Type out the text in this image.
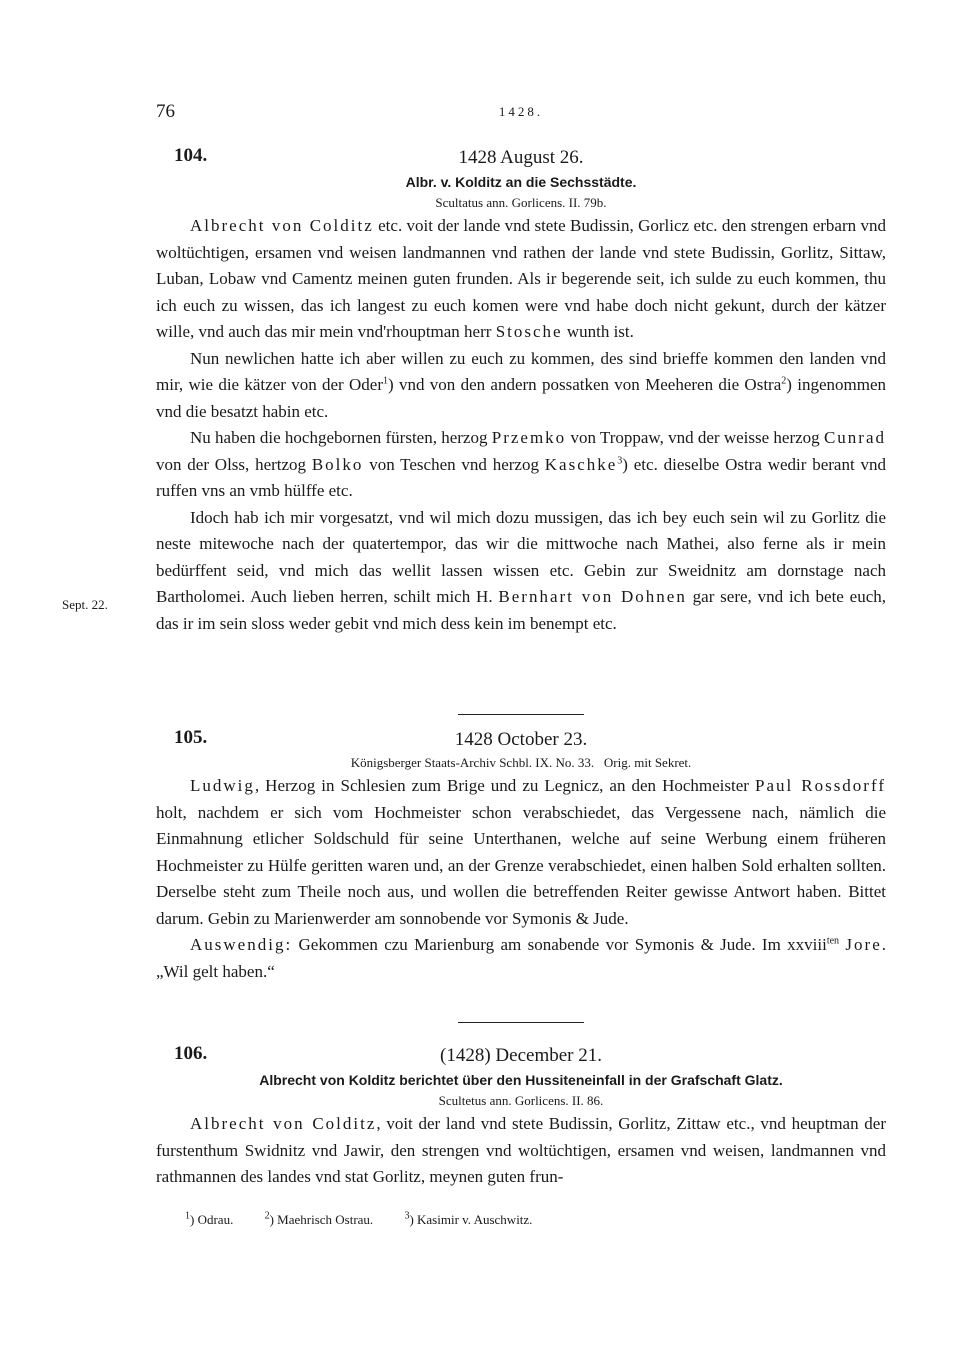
76	1428.
Sept. 22.
104.	1428 August 26.
Albr. v. Kolditz an die Sechsstädte.
Scultatus ann. Gorlicens. II. 79b.

Albrecht von Colditz etc. voit der lande vnd stete Budissin, Gorlicz etc. den strengen erbarn vnd woltüchtigen, ersamen vnd weisen landmannen vnd rathen der lande vnd stete Budissin, Gorlitz, Sittaw, Luban, Lobaw vnd Camentz meinen guten frunden. Als ir begerende seit, ich sulde zu euch kommen, thu ich euch zu wissen, das ich langest zu euch komen were vnd habe doch nicht gekunt, durch der kätzer wille, vnd auch das mir mein vnd'rhouptman herr Stosche wunth ist.

Nun newlichen hatte ich aber willen zu euch zu kommen, des sind brieffe kommen den landen vnd mir, wie die kätzer von der Oder$^1$) vnd von den andern possatken von Meeheren die Ostra$^2$) ingenommen vnd die besatzt habin etc.

Nu haben die hochgebornen fürsten, herzog Przemko von Troppaw, vnd der weisse herzog Cunrad von der Olss, hertzog Bolko von Teschen vnd herzog Kaschke$^3$) etc. dieselbe Ostra wedir berant vnd ruffen vns an vmb hülffe etc.

Idoch hab ich mir vorgesatzt, vnd wil mich dozu mussigen, das ich bey euch sein wil zu Gorlitz die neste mitewoche nach der quatertempor, das wir die mittwoche nach Mathei, also ferne als ir mein bedürffent seid, vnd mich das wellit lassen wissen etc. Gebin zur Sweidnitz am dornstage nach Bartholomei. Auch lieben herren, schilt mich H. Bernhart von Dohnen gar sere, vnd ich bete euch, das ir im sein sloss weder gebit vnd mich dess kein im benempt etc.

105.	1428 October 23.
Königsberger Staats-Archiv Schbl. IX. No. 33.   Orig. mit Sekret.

Ludwig, Herzog in Schlesien zum Brige und zu Legnicz, an den Hochmeister Paul Rossdorff holt, nachdem er sich vom Hochmeister schon verabschiedet, das Vergessene nach, nämlich die Einmahnung etlicher Soldschuld für seine Unterthanen, welche auf seine Werbung einem früheren Hochmeister zu Hülfe geritten waren und, an der Grenze verabschiedet, einen halben Sold erhalten sollten. Derselbe steht zum Theile noch aus, und wollen die betreffenden Reiter gewisse Antwort haben. Bittet darum. Gebin zu Marienwerder am sonnobende vor Symonis & Jude.

Auswendig: Gekommen czu Marienburg am sonabende vor Symonis & Jude. Im xxviii$^{ten}$ Jore. „Wil gelt haben.“

106.	(1428) December 21.
Albrecht von Kolditz berichtet über den Hussiteneinfall in der Grafschaft Glatz.
Scultetus ann. Gorlicens. II. 86.

Albrecht von Colditz, voit der land vnd stete Budissin, Gorlitz, Zittaw etc., vnd heuptman der furstenthum Swidnitz vnd Jawir, den strengen vnd woltüchtigen, ersamen vnd weisen, landmannen vnd rathmannen des landes vnd stat Gorlitz, meynen guten frun-

$^1$) Odrau.	$^2$) Maehrisch Ostrau.	$^3$) Kasimir v. Auschwitz.
